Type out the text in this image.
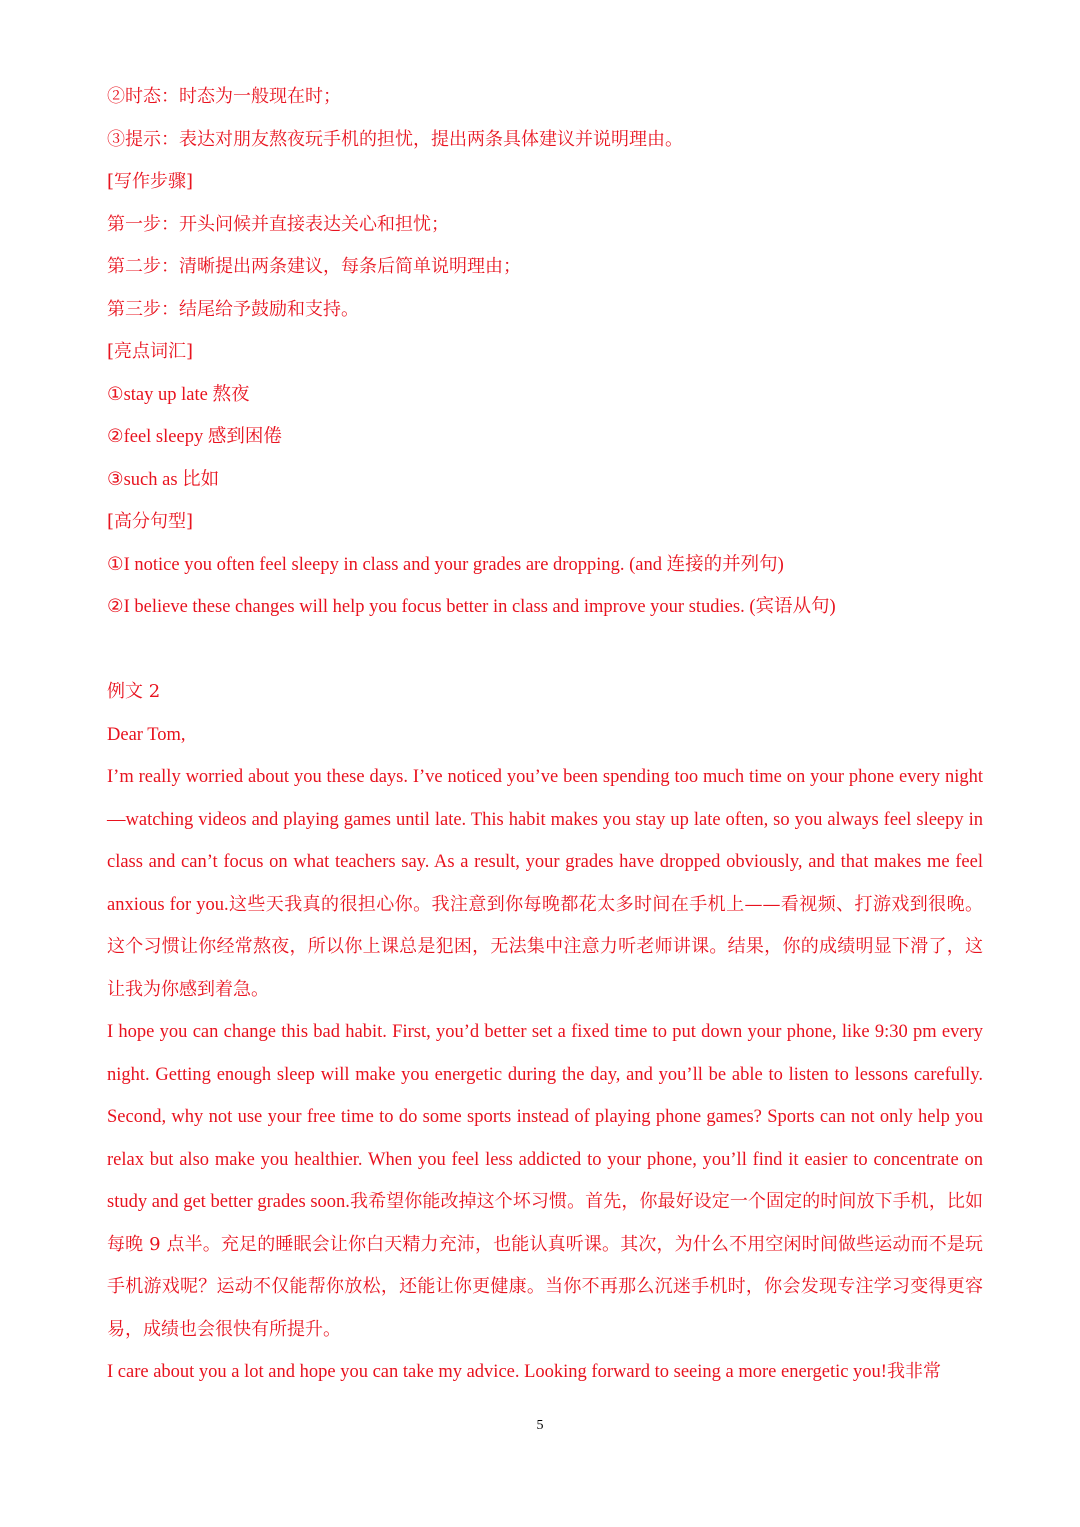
②时态：时态为一般现在时；
③提示：表达对朋友熬夜玩手机的担忧，提出两条具体建议并说明理由。
[写作步骤]
第一步：开头问候并直接表达关心和担忧；
第二步：清晰提出两条建议，每条后简单说明理由；
第三步：结尾给予鼓励和支持。
[亮点词汇]
①stay up late 熬夜
②feel sleepy 感到困倦
③such as 比如
[高分句型]
①I notice you often feel sleepy in class and your grades are dropping. (and 连接的并列句)
②I believe these changes will help you focus better in class and improve your studies. (宾语从句)
例文 2
Dear Tom,

I’m really worried about you these days. I’ve noticed you’ve been spending too much time on your phone every night—watching videos and playing games until late. This habit makes you stay up late often, so you always feel sleepy in class and can’t focus on what teachers say. As a result, your grades have dropped obviously, and that makes me feel anxious for you.这些天我真的很担心你。我注意到你每晚都花太多时间在手机上——看视频、打游戏到很晚。这个习惯让你经常熬夜，所以你上课总是犯困，无法集中注意力听老师讲课。结果，你的成绩明显下滑了，这让我为你感到着急。

I hope you can change this bad habit. First, you’d better set a fixed time to put down your phone, like 9:30 pm every night. Getting enough sleep will make you energetic during the day, and you’ll be able to listen to lessons carefully. Second, why not use your free time to do some sports instead of playing phone games? Sports can not only help you relax but also make you healthier. When you feel less addicted to your phone, you’ll find it easier to concentrate on study and get better grades soon.我希望你能改掉这个坏习惯。首先，你最好设定一个固定的时间放下手机，比如每晚 9 点半。充足的睡眠会让你白天精力充沛，也能认真听课。其次，为什么不用空闲时间做些运动而不是玩手机游戏呢？运动不仅能帮你放松，还能让你更健康。当你不再那么沉迷手机时，你会发现专注学习变得更容易，成绩也会很快有所提升。

I care about you a lot and hope you can take my advice. Looking forward to seeing a more energetic you!我非常

5
